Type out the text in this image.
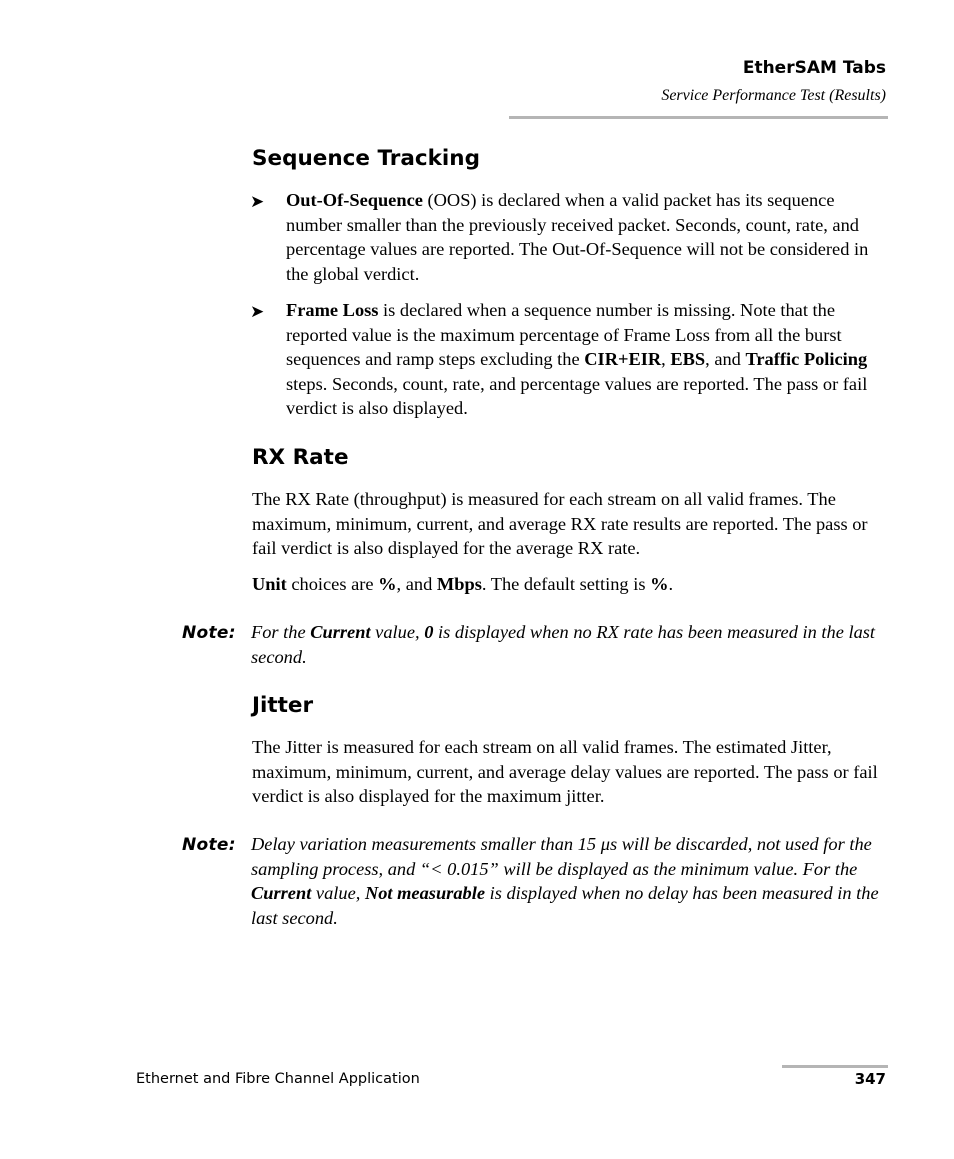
EtherSAM Tabs
Service Performance Test (Results)
Sequence Tracking
➤ Out-Of-Sequence (OOS) is declared when a valid packet has its sequence number smaller than the previously received packet. Seconds, count, rate, and percentage values are reported. The Out-Of-Sequence will not be considered in the global verdict.

➤ Frame Loss is declared when a sequence number is missing. Note that the reported value is the maximum percentage of Frame Loss from all the burst sequences and ramp steps excluding the CIR+EIR, EBS, and Traffic Policing steps. Seconds, count, rate, and percentage values are reported. The pass or fail verdict is also displayed.

RX Rate

The RX Rate (throughput) is measured for each stream on all valid frames. The maximum, minimum, current, and average RX rate results are reported. The pass or fail verdict is also displayed for the average RX rate.

Unit choices are %, and Mbps. The default setting is %.

Note: For the Current value, 0 is displayed when no RX rate has been measured in the last second.

Jitter

The Jitter is measured for each stream on all valid frames. The estimated Jitter, maximum, minimum, current, and average delay values are reported. The pass or fail verdict is also displayed for the maximum jitter.

Note: Delay variation measurements smaller than 15 μs will be discarded, not used for the sampling process, and “< 0.015” will be displayed as the minimum value. For the Current value, Not measurable is displayed when no delay has been measured in the last second.

Ethernet and Fibre Channel Application	347
